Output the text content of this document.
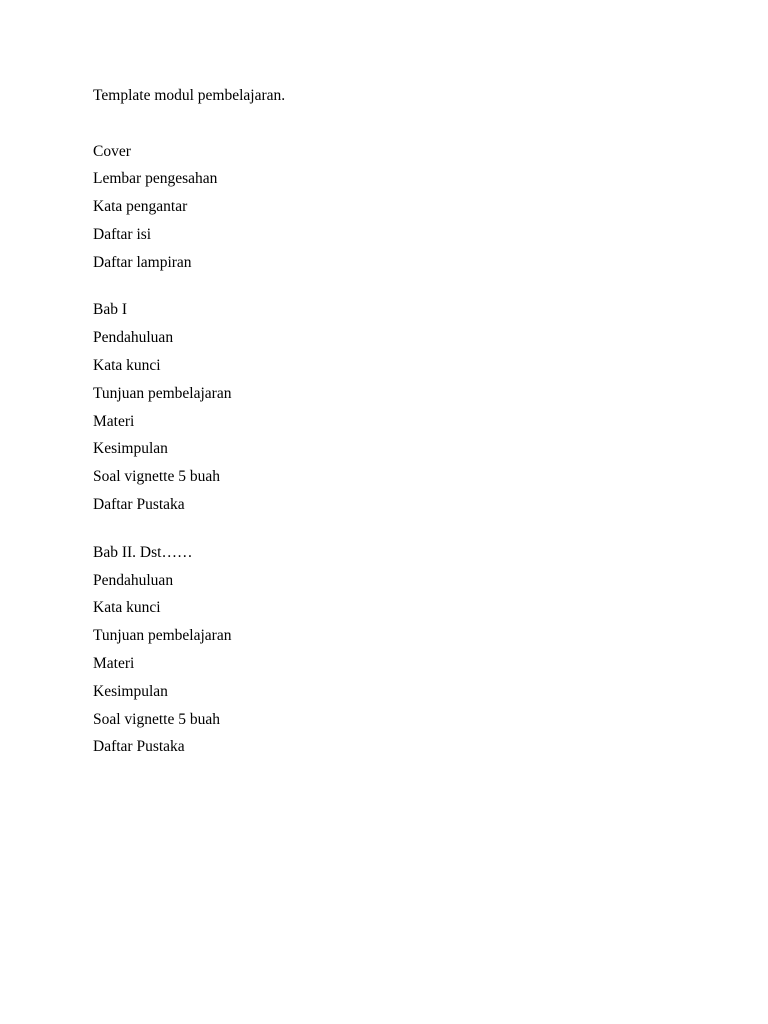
Template modul pembelajaran.
Cover
Lembar pengesahan
Kata pengantar
Daftar isi
Daftar lampiran
Bab I
Pendahuluan
Kata kunci
Tunjuan pembelajaran
Materi
Kesimpulan
Soal vignette 5 buah
Daftar Pustaka
Bab II. Dst……
Pendahuluan
Kata kunci
Tunjuan pembelajaran
Materi
Kesimpulan
Soal vignette 5 buah
Daftar Pustaka
